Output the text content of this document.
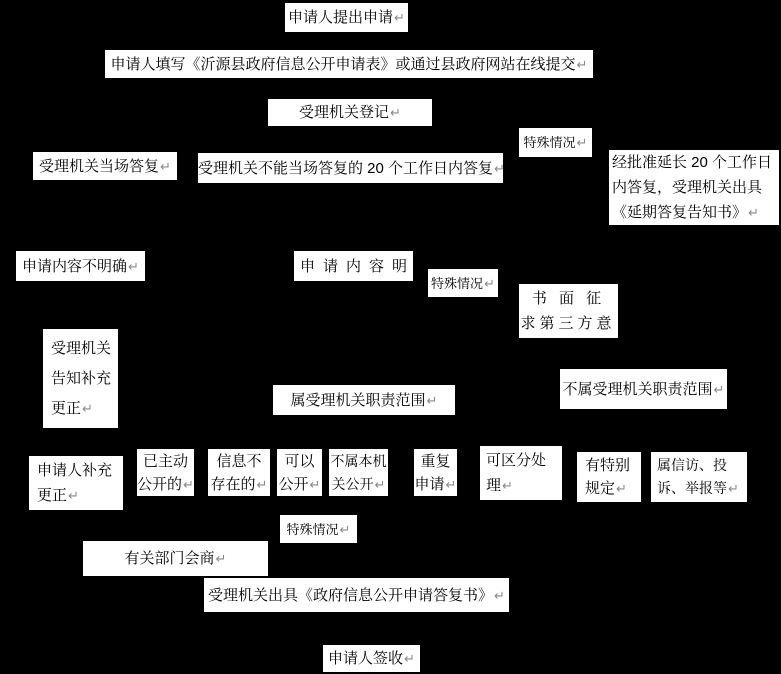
申请人提出申请↵
申请人填写《沂源县政府信息公开申请表》或通过县政府网站在线提交↵
受理机关登记↵
特殊情况↵
受理机关当场答复↵	受理机关不能当场答复的 20 个工作日内答复↵	经批准延长 20 个工作日
内答复，受理机关出具
《延期答复告知书》↵
申请内容不明确↵	申请内容明
特殊情况↵
书 面 征
求第三方意
受理机关
告知补充
更正↵	属受理机关职责范围↵
不属受理机关职责范围↵
申请人补充
更正↵
已主动
公开的↵
信息不
存在的↵
可以
公开↵
不属本机
关公开↵
重复
申请↵
可区分处
理↵
有特别
规定↵
属信访、投
诉、举报等↵
特殊情况↵
有关部门会商↵
受理机关出具《政府信息公开申请答复书》↵
申请人签收↵
